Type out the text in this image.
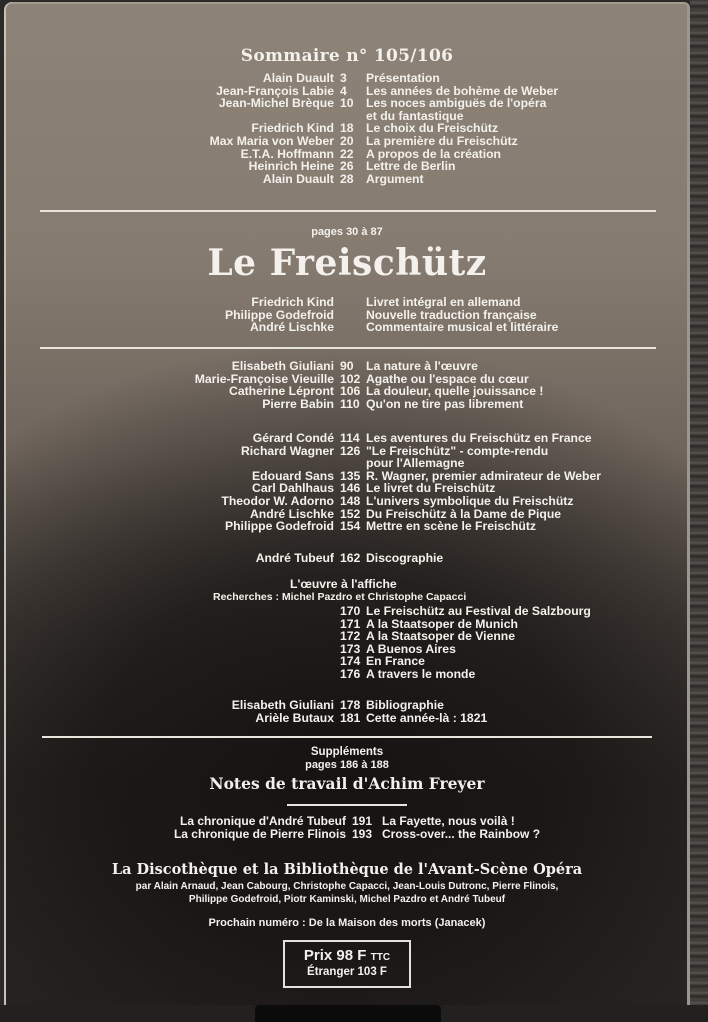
Sommaire n° 105/106
Alain Duault 3	Présentation
Jean-François Labie 4	Les années de bohème de Weber
Jean-Michel Brèque 10	Les noces ambiguës de l'opéra
et du fantastique
Friedrich Kind 18	Le choix du Freischütz
Max Maria von Weber 20	La première du Freischütz
E.T.A. Hoffmann 22	A propos de la création
Heinrich Heine 26	Lettre de Berlin
Alain Duault 28	Argument
pages 30 à 87
Le Freischütz
Friedrich Kind	Livret intégral en allemand
Philippe Godefroid	Nouvelle traduction française
André Lischke	Commentaire musical et littéraire
Elisabeth Giuliani 90	La nature à l'œuvre
Marie-Françoise Vieuille 102 Agathe ou l'espace du cœur
Catherine Lépront 106 La douleur, quelle jouissance !
Pierre Babin 110 Qu'on ne tire pas librement
Gérard Condé 114 Les aventures du Freischütz en France
Richard Wagner 126 "Le Freischütz" - compte-rendu
pour l'Allemagne
Edouard Sans 135 R. Wagner, premier admirateur de Weber
Carl Dahlhaus 146 Le livret du Freischütz
Theodor W. Adorno 148 L'univers symbolique du Freischütz
André Lischke 152 Du Freischütz à la Dame de Pique
Philippe Godefroid 154 Mettre en scène le Freischütz
André Tubeuf 162 Discographie
L'œuvre à l'affiche
Recherches : Michel Pazdro et Christophe Capacci
170 Le Freischütz au Festival de Salzbourg
171 A la Staatsoper de Munich
172 A la Staatsoper de Vienne
173 A Buenos Aires
174 En France
176 A travers le monde
Elisabeth Giuliani 178 Bibliographie
Arièle Butaux 181 Cette année-là : 1821
Suppléments
pages 186 à 188
Notes de travail d'Achim Freyer
La chronique d'André Tubeuf 191 La Fayette, nous voilà !
La chronique de Pierre Flinois 193 Cross-over... the Rainbow ?
La Discothèque et la Bibliothèque de l'Avant-Scène Opéra
par Alain Arnaud, Jean Cabourg, Christophe Capacci, Jean-Louis Dutronc, Pierre Flinois,
Philippe Godefroid, Piotr Kaminski, Michel Pazdro et André Tubeuf
Prochain numéro : De la Maison des morts (Janacek)
Prix 98 F TTC
Étranger 103 F
